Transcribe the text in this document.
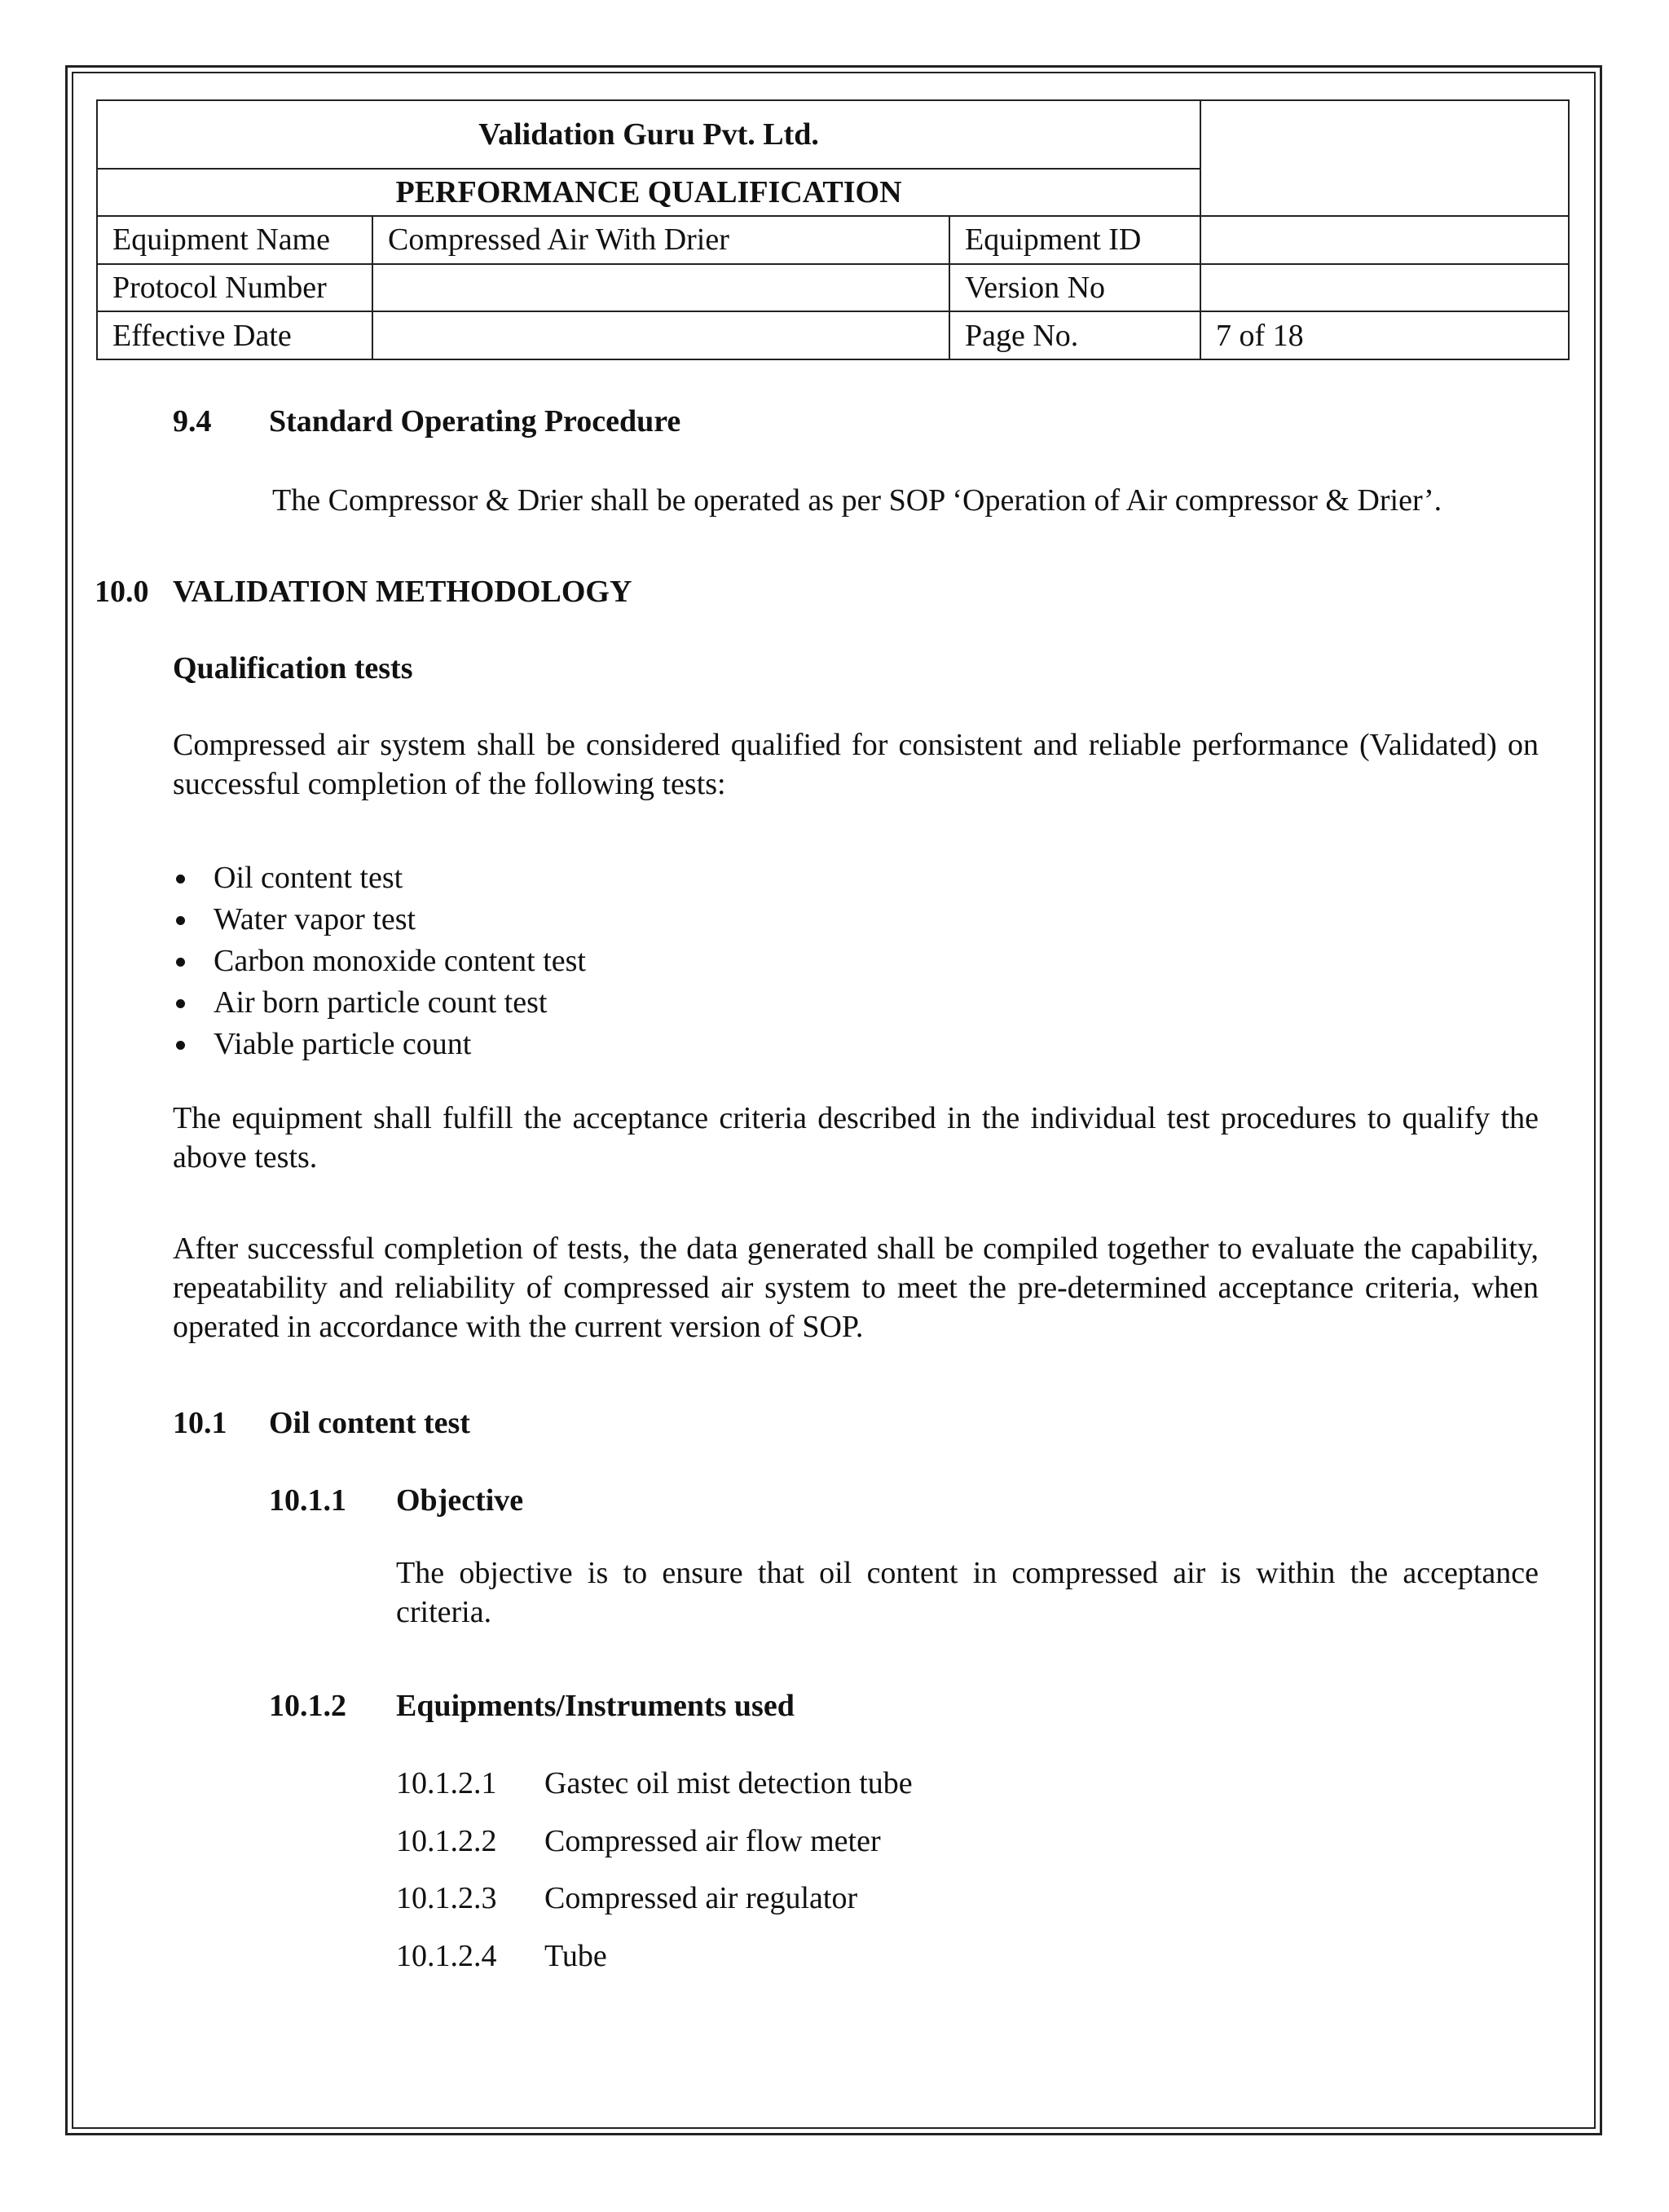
Validation Guru Pvt. Ltd.			
PERFORMANCE QUALIFICATION			
Equipment Name	Compressed Air With Drier	Equipment ID	
Protocol Number		Version No	
Effective Date		Page No.	7 of 18
9.4 Standard Operating Procedure
The Compressor & Drier shall be operated as per SOP ‘Operation of Air compressor & Drier’.
10.0 VALIDATION METHODOLOGY
Qualification tests
Compressed air system shall be considered qualified for consistent and reliable performance (Validated) on successful completion of the following tests:
Oil content test
Water vapor test
Carbon monoxide content test
Air born particle count test
Viable particle count
The equipment shall fulfill the acceptance criteria described in the individual test procedures to qualify the above tests.
After successful completion of tests, the data generated shall be compiled together to evaluate the capability, repeatability and reliability of compressed air system to meet the pre-determined acceptance criteria, when operated in accordance with the current version of SOP.
10.1 Oil content test
10.1.1 Objective
The objective is to ensure that oil content in compressed air is within the acceptance criteria.
10.1.2 Equipments/Instruments used
10.1.2.1 Gastec oil mist detection tube
10.1.2.2 Compressed air flow meter
10.1.2.3 Compressed air regulator
10.1.2.4 Tube
